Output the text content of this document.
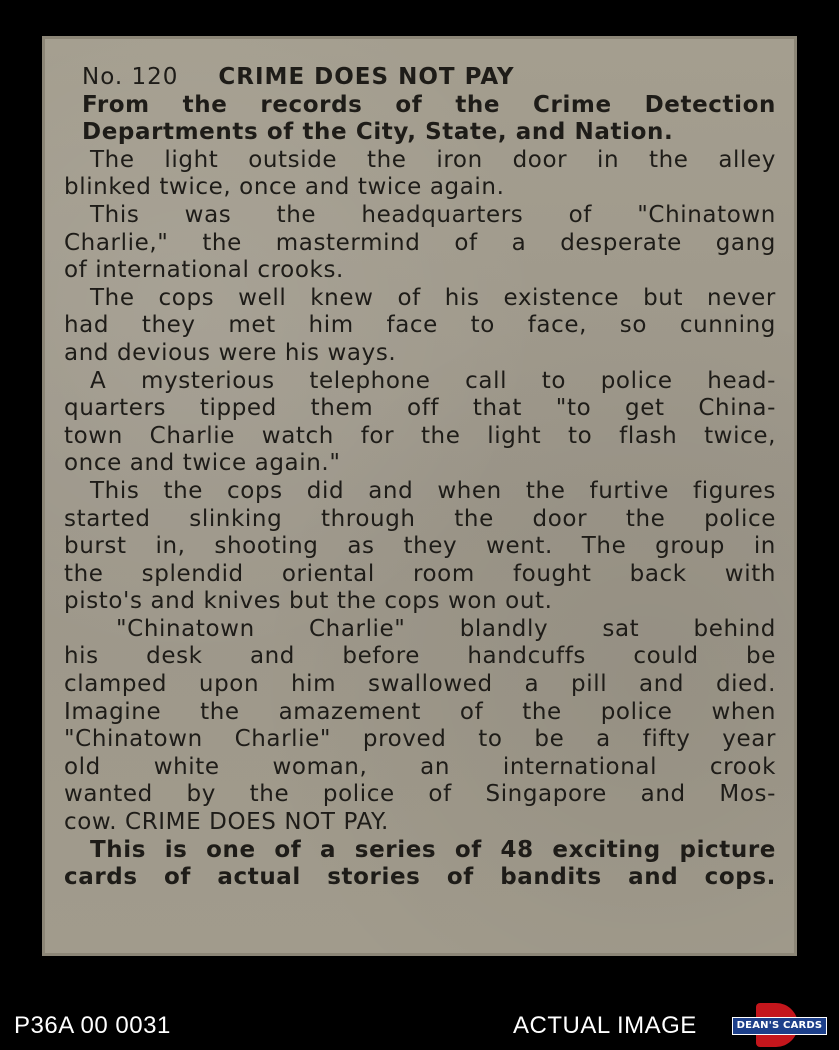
No. 120 CRIME DOES NOT PAY
From the records of the Crime Detection
Departments of the City, State, and Nation.
The light outside the iron door in the alley
blinked twice, once and twice again.
This was the headquarters of "Chinatown
Charlie," the mastermind of a desperate gang
of international crooks.
The cops well knew of his existence but never
had they met him face to face, so cunning
and devious were his ways.
A mysterious telephone call to police head-
quarters tipped them off that "to get China-
town Charlie watch for the light to flash twice,
once and twice again."
This the cops did and when the furtive figures
started slinking through the door the police
burst in, shooting as they went. The group in
the splendid oriental room fought back with
pisto's and knives but the cops won out.
"Chinatown Charlie" blandly sat behind
his desk and before handcuffs could be
clamped upon him swallowed a pill and died.
Imagine the amazement of the police when
"Chinatown Charlie" proved to be a fifty year
old white woman, an international crook
wanted by the police of Singapore and Mos-
cow. CRIME DOES NOT PAY.
This is one of a series of 48 exciting picture
cards of actual stories of bandits and cops.
P36A 00 0031	ACTUAL IMAGE	DEAN'S CARDS
